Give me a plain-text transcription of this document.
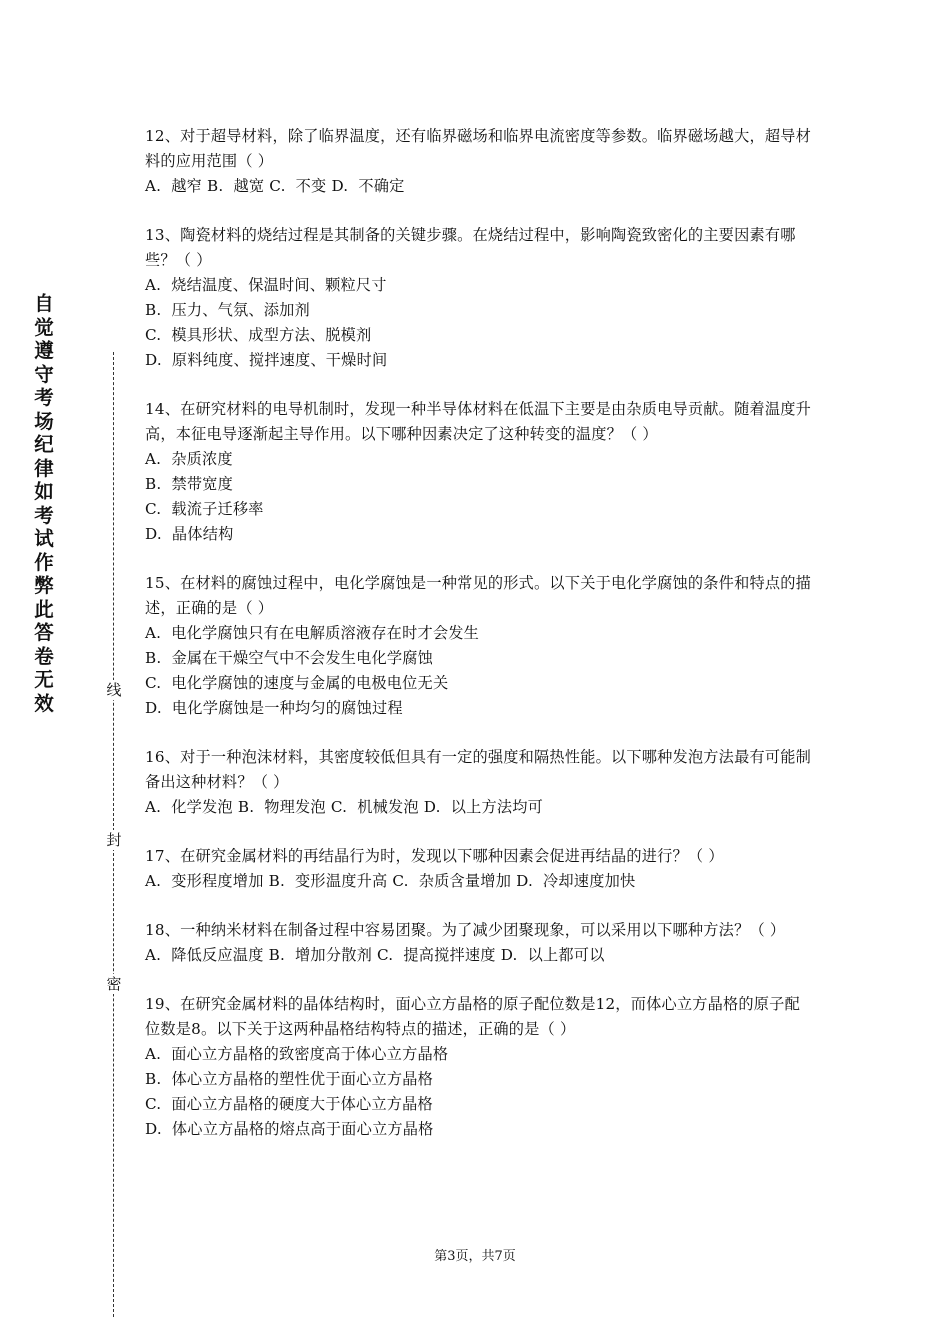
自觉遵守考场纪律如考试作弊此答卷无效
线
封
密
12、对于超导材料，除了临界温度，还有临界磁场和临界电流密度等参数。临界磁场越大，超导材料的应用范围（ ）
A.  越窄 B.  越宽 C.  不变 D.  不确定
13、陶瓷材料的烧结过程是其制备的关键步骤。在烧结过程中，影响陶瓷致密化的主要因素有哪些？（ ）
A.  烧结温度、保温时间、颗粒尺寸
B.  压力、气氛、添加剂
C.  模具形状、成型方法、脱模剂
D.  原料纯度、搅拌速度、干燥时间
14、在研究材料的电导机制时，发现一种半导体材料在低温下主要是由杂质电导贡献。随着温度升高，本征电导逐渐起主导作用。以下哪种因素决定了这种转变的温度？（ ）
A.  杂质浓度
B.  禁带宽度
C.  载流子迁移率
D.  晶体结构
15、在材料的腐蚀过程中，电化学腐蚀是一种常见的形式。以下关于电化学腐蚀的条件和特点的描述，正确的是（ ）
A.  电化学腐蚀只有在电解质溶液存在时才会发生
B.  金属在干燥空气中不会发生电化学腐蚀
C.  电化学腐蚀的速度与金属的电极电位无关
D.  电化学腐蚀是一种均匀的腐蚀过程
16、对于一种泡沫材料，其密度较低但具有一定的强度和隔热性能。以下哪种发泡方法最有可能制备出这种材料？（ ）
A.  化学发泡 B.  物理发泡 C.  机械发泡 D.  以上方法均可
17、在研究金属材料的再结晶行为时，发现以下哪种因素会促进再结晶的进行？（ ）
A.  变形程度增加 B.  变形温度升高 C.  杂质含量增加 D.  冷却速度加快
18、一种纳米材料在制备过程中容易团聚。为了减少团聚现象，可以采用以下哪种方法？（ ）
A.  降低反应温度 B.  增加分散剂 C.  提高搅拌速度 D.  以上都可以
19、在研究金属材料的晶体结构时，面心立方晶格的原子配位数是12，而体心立方晶格的原子配位数是8。以下关于这两种晶格结构特点的描述，正确的是（ ）
A.  面心立方晶格的致密度高于体心立方晶格
B.  体心立方晶格的塑性优于面心立方晶格
C.  面心立方晶格的硬度大于体心立方晶格
D.  体心立方晶格的熔点高于面心立方晶格
第3页，共7页
